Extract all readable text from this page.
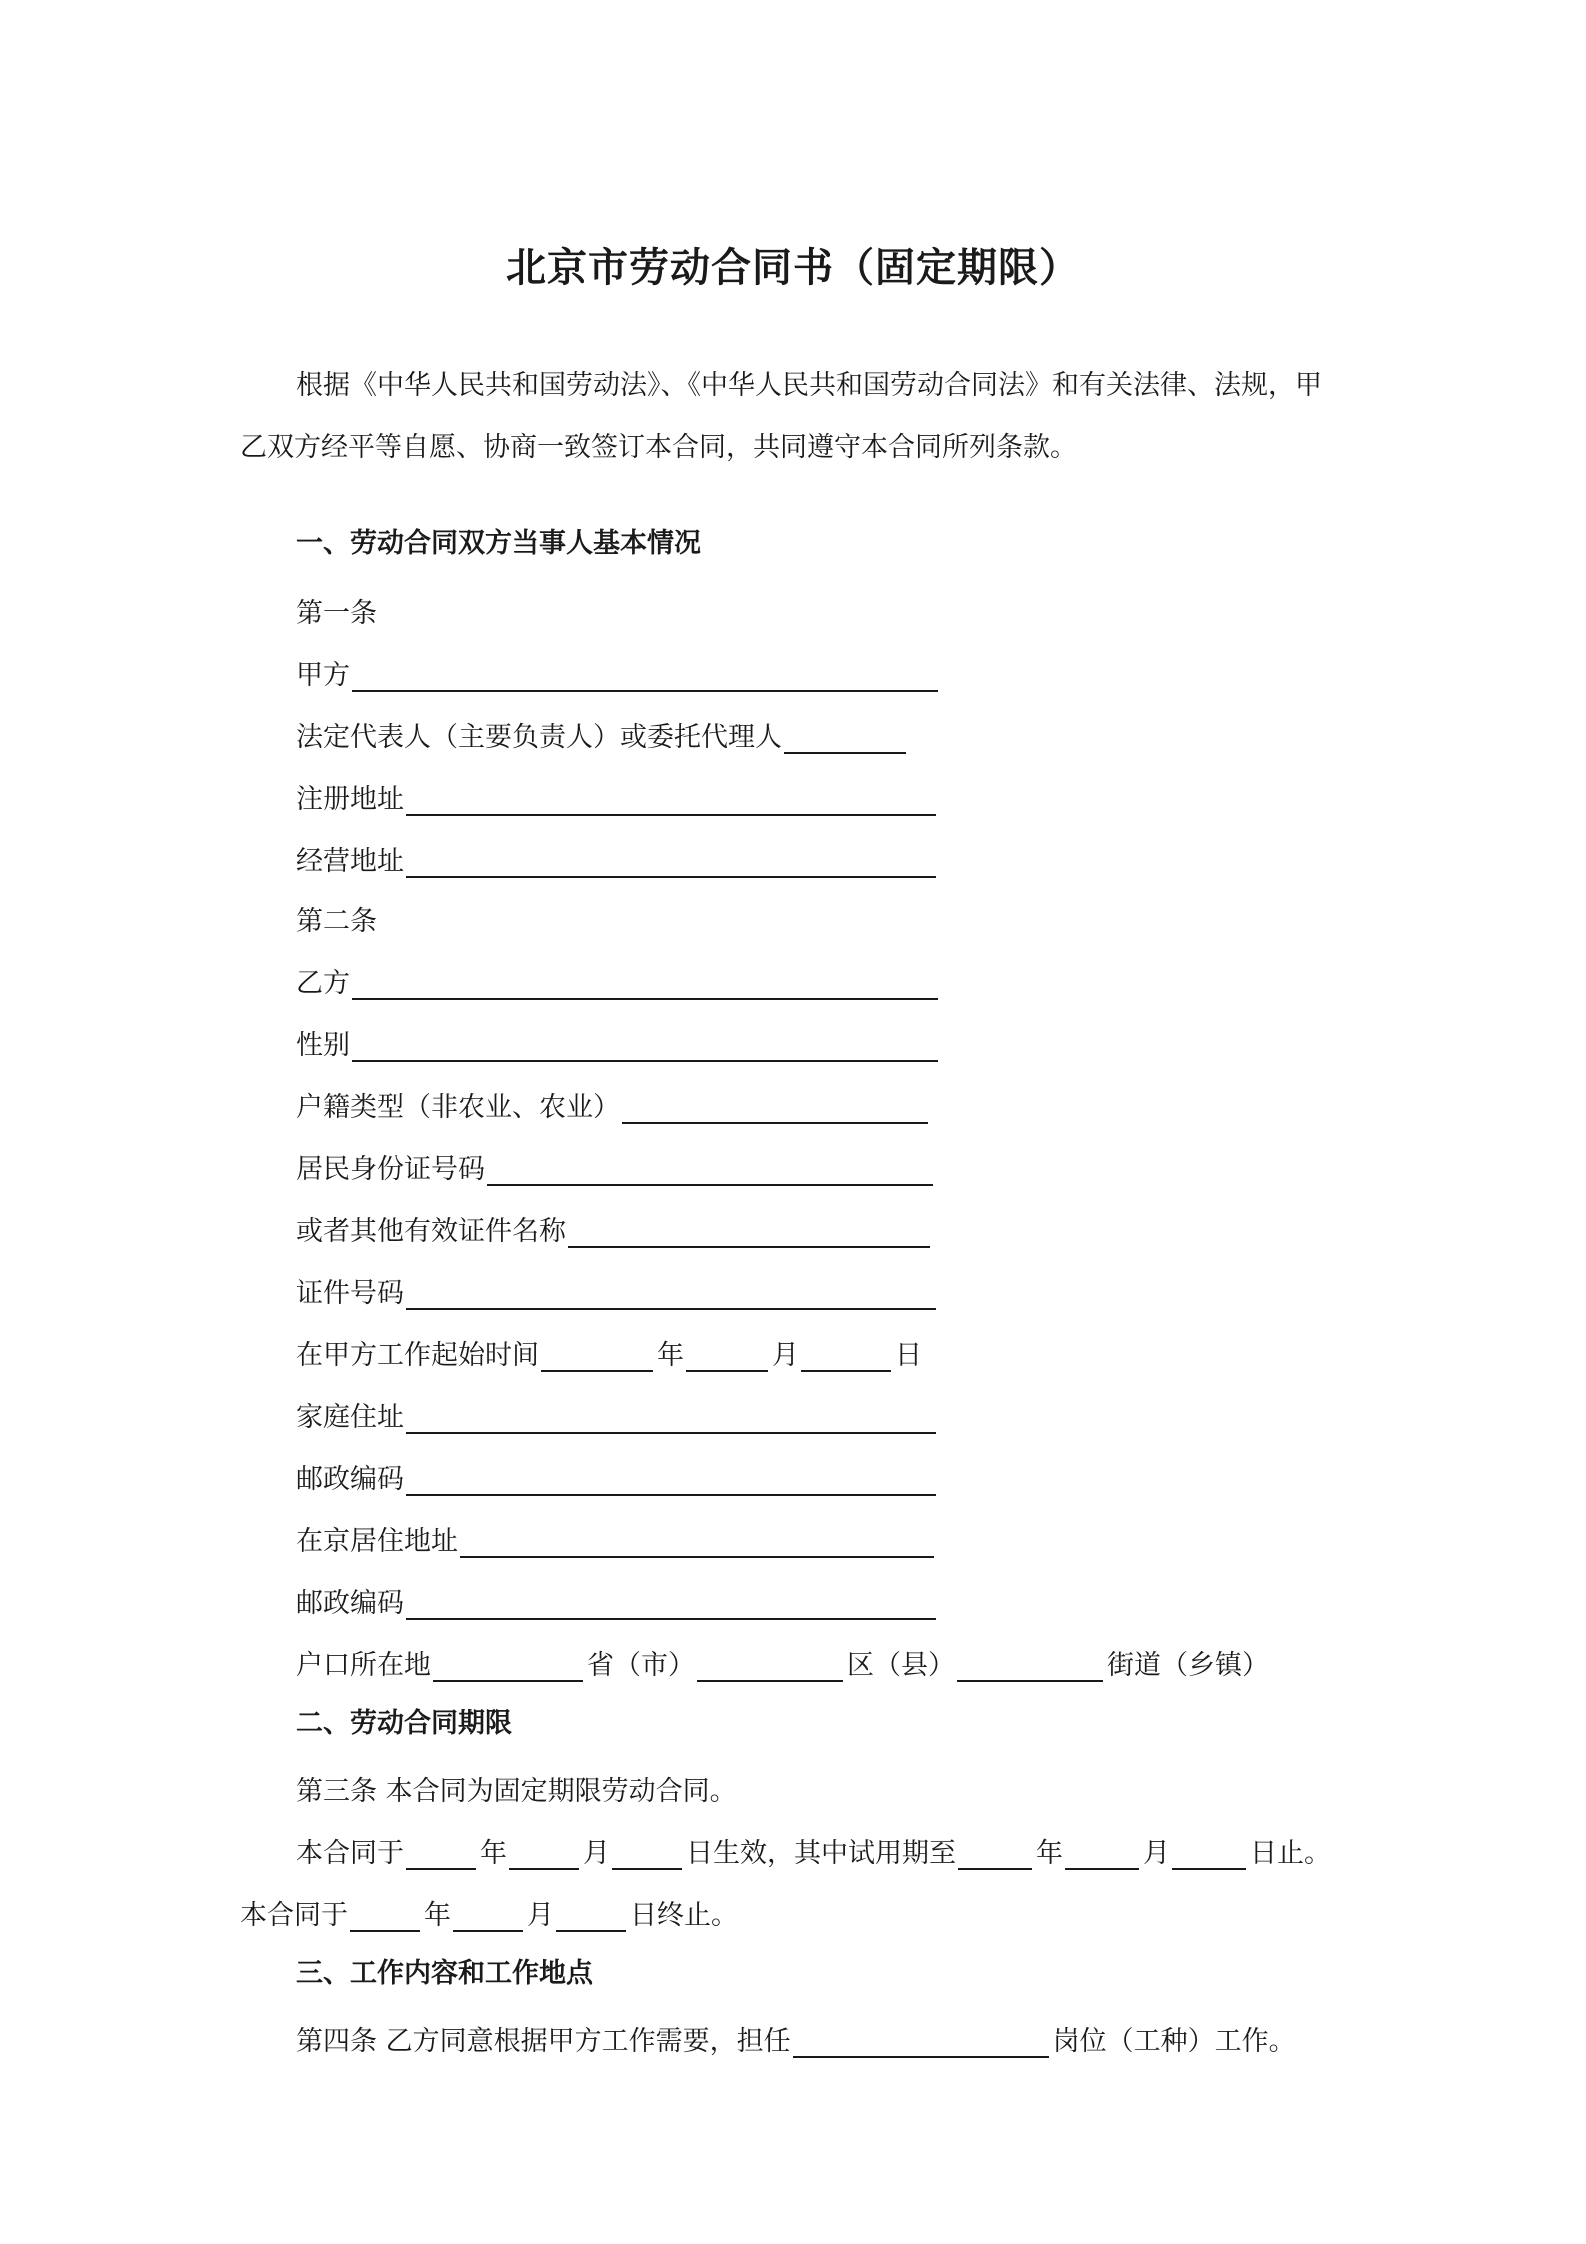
北京市劳动合同书（固定期限）
根据《中华人民共和国劳动法》、《中华人民共和国劳动合同法》和有关法律、法规，甲
乙双方经平等自愿、协商一致签订本合同，共同遵守本合同所列条款。
一、劳动合同双方当事人基本情况
第一条
甲方
法定代表人（主要负责人）或委托代理人
注册地址
经营地址
第二条
乙方
性别
户籍类型（非农业、农业）
居民身份证号码
或者其他有效证件名称
证件号码
在甲方工作起始时间	年	月	日
家庭住址
邮政编码
在京居住地址
邮政编码
户口所在地	省（市）	区（县）	街道（乡镇）
二、劳动合同期限
第三条 本合同为固定期限劳动合同。
本合同于	年	月	日生效，其中试用期至	年	月	日止。
本合同于	年	月	日终止。
三、工作内容和工作地点
第四条 乙方同意根据甲方工作需要，担任	岗位（工种）工作。
